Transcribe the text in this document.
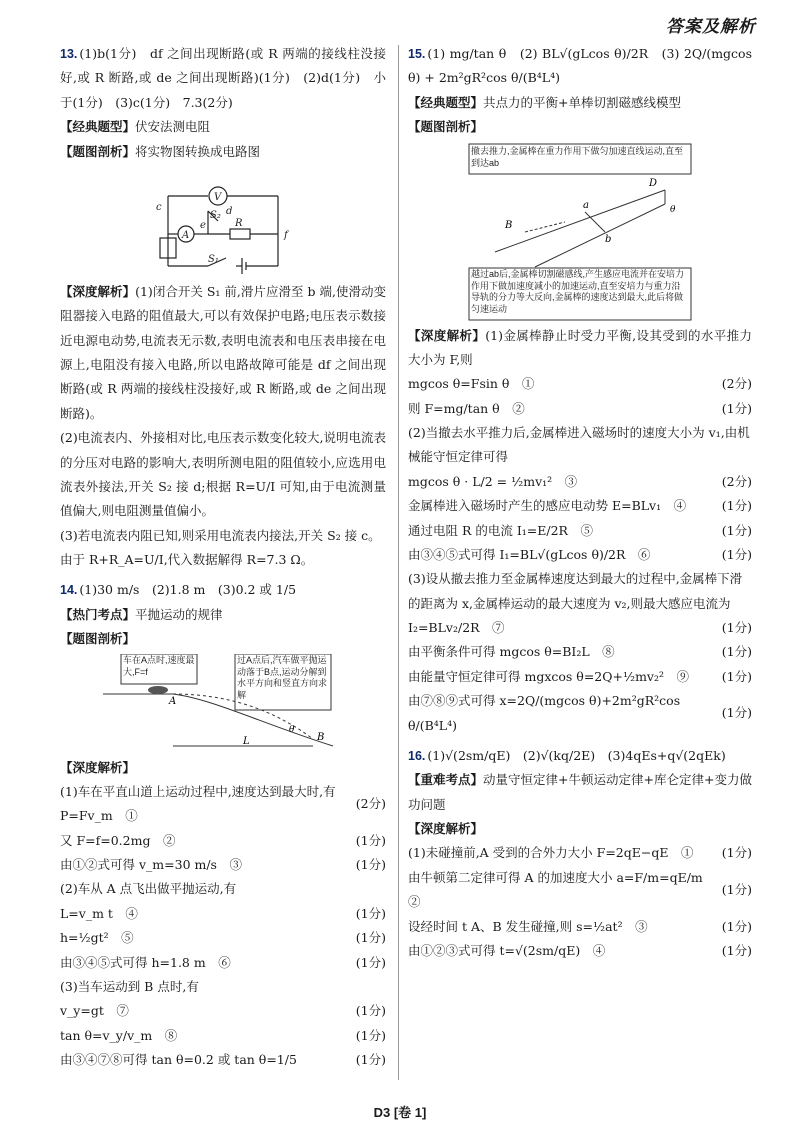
答案及解析

13. (1)b(1分)　df 之间出现断路(或 R 两端的接线柱没接好,或 R 断路,或 de 之间出现断路)(1分)　(2)d(1分)　小于(1分)　(3)c(1分)　7.3(2分)

【经典题型】伏安法测电阻

【题图剖析】将实物图转换成电路图

V
A
S₂
S₁
R
c	d
e
f

【深度解析】(1)闭合开关 S₁ 前,滑片应滑至 b 端,使滑动变阻器接入电路的阻值最大,可以有效保护电路;电压表示数接近电源电动势,电流表无示数,表明电流表和电压表串接在电源上,电阻没有接入电路,所以电路故障可能是 df 之间出现断路(或 R 两端的接线柱没接好,或 R 断路,或 de 之间出现断路)。

(2)电流表内、外接相对比,电压表示数变化较大,说明电流表的分压对电路的影响大,表明所测电阻的阻值较小,应选用电流表外接法,开关 S₂ 接 d;根据 R=U/I 可知,由于电流测量值偏大,则电阻测量值偏小。

(3)若电流表内阻已知,则采用电流表内接法,开关 S₂ 接 c。

由于 R+R_A=U/I,代入数据解得 R=7.3 Ω。

14. (1)30 m/s　(2)1.8 m　(3)0.2 或 1/5

【热门考点】平抛运动的规律

【题图剖析】

车在A点时,速度最大,F=f
过A点后,汽车做平抛运动落于B点,运动分解到水平方向和竖直方向求解
A
B
L
θ

【深度解析】

(1)车在平直山道上运动过程中,速度达到最大时,有 P=Fv_m　①
(2分)
又 F=f=0.2mg　②	(1分)
由①②式可得 v_m=30 m/s　③	(1分)
(2)车从 A 点飞出做平抛运动,有
L=v_m t　④	(1分)
h=½gt²　⑤	(1分)
由③④⑤式可得 h=1.8 m　⑥	(1分)
(3)当车运动到 B 点时,有
v_y=gt　⑦	(1分)
tan θ=v_y/v_m　⑧	(1分)
由③④⑦⑧可得 tan θ=0.2 或 tan θ=1/5	(1分)

15. (1) mg/tan θ　(2) BL√(gLcos θ)/2R　(3) 2Q/(mgcos θ) + 2m²gR²cos θ/(B⁴L⁴)

【经典题型】共点力的平衡+单棒切割磁感线模型

【题图剖析】

撤去推力,金属棒在重力作用下做匀加速直线运动,直至到达ab
a
b
B
D
θ
越过ab后,金属棒切割磁感线,产生感应电流并在安培力作用下做加速度减小的加速运动,直至安培力与重力沿导轨的分力等大反向,金属棒的速度达到最大,此后将做匀速运动

【深度解析】(1)金属棒静止时受力平衡,设其受到的水平推力大小为 F,则

mgcos θ=Fsin θ　①	(2分)
则 F=mg/tan θ　②	(1分)
(2)当撤去水平推力后,金属棒进入磁场时的速度大小为 v₁,由机械能守恒定律可得
mgcos θ · L/2 = ½mv₁²　③	(2分)
金属棒进入磁场时产生的感应电动势 E=BLv₁　④	(1分)
通过电阻 R 的电流 I₁=E/2R　⑤	(1分)
由③④⑤式可得 I₁=BL√(gLcos θ)/2R　⑥	(1分)
(3)设从撤去推力至金属棒速度达到最大的过程中,金属棒下滑的距离为 x,金属棒运动的最大速度为 v₂,则最大感应电流为
I₂=BLv₂/2R　⑦	(1分)
由平衡条件可得 mgcos θ=BI₂L　⑧	(1分)
由能量守恒定律可得 mgxcos θ=2Q+½mv₂²　⑨	(1分)
由⑦⑧⑨式可得 x=2Q/(mgcos θ)+2m²gR²cos θ/(B⁴L⁴)
(1分)

16. (1)√(2sm/qE)　(2)√(kq/2E)　(3)4qEs+q√(2qEk)

【重难考点】动量守恒定律+牛顿运动定律+库仑定律+变力做功问题

【深度解析】

(1)未碰撞前,A 受到的合外力大小 F=2qE−qE　① (1分)
由牛顿第二定律可得 A 的加速度大小 a=F/m=qE/m　②
(1分)
设经时间 t A、B 发生碰撞,则 s=½at²　③	(1分)
由①②③式可得 t=√(2sm/qE)　④	(1分)
D3 [卷 1]
